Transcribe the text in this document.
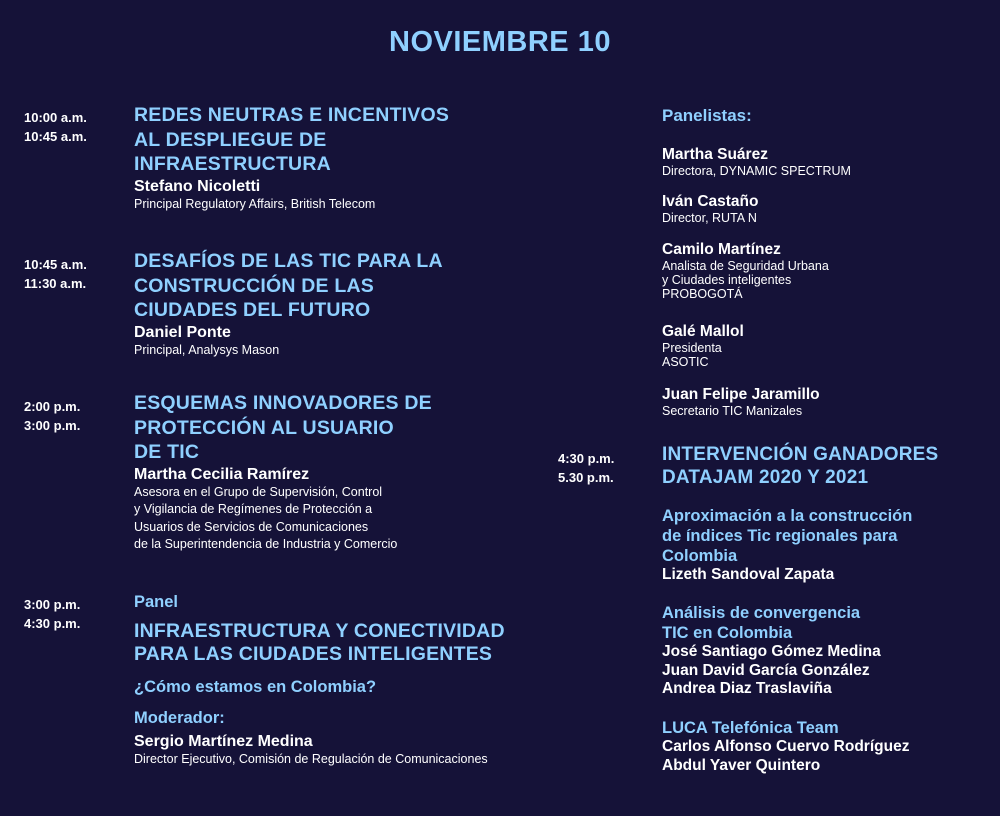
NOVIEMBRE 10
10:00 a.m.
10:45 a.m.
REDES NEUTRAS E INCENTIVOS
AL DESPLIEGUE DE
INFRAESTRUCTURA
Stefano Nicoletti
Principal Regulatory Affairs, British Telecom
10:45 a.m.
11:30 a.m.
DESAFÍOS DE LAS TIC PARA LA
CONSTRUCCIÓN DE LAS
CIUDADES DEL FUTURO
Daniel Ponte
Principal, Analysys Mason
2:00 p.m.
3:00 p.m.
ESQUEMAS INNOVADORES DE
PROTECCIÓN AL USUARIO
DE TIC
Martha Cecilia Ramírez
Asesora en el Grupo de Supervisión, Control
y Vigilancia de Regímenes de Protección a
Usuarios de Servicios de Comunicaciones
de la Superintendencia de Industria y Comercio
3:00 p.m.
4:30 p.m.
Panel
INFRAESTRUCTURA Y CONECTIVIDAD
PARA LAS CIUDADES INTELIGENTES
¿Cómo estamos en Colombia?
Moderador:
Sergio Martínez Medina
Director Ejecutivo, Comisión de Regulación de Comunicaciones
Panelistas:
Martha Suárez
Directora, DYNAMIC SPECTRUM
Iván Castaño
Director, RUTA N
Camilo Martínez
Analista de Seguridad Urbana
y Ciudades inteligentes
PROBOGOTÁ
Galé Mallol
Presidenta
ASOTIC
Juan Felipe Jaramillo
Secretario TIC Manizales
4:30 p.m.
5.30 p.m.
INTERVENCIÓN GANADORES
DATAJAM 2020 Y 2021
Aproximación a la construcción
de índices Tic regionales para
Colombia
Lizeth Sandoval Zapata
Análisis de convergencia
TIC en Colombia
José Santiago Gómez Medina
Juan David García González
Andrea Diaz Traslaviña
LUCA Telefónica Team
Carlos Alfonso Cuervo Rodríguez
Abdul Yaver Quintero
